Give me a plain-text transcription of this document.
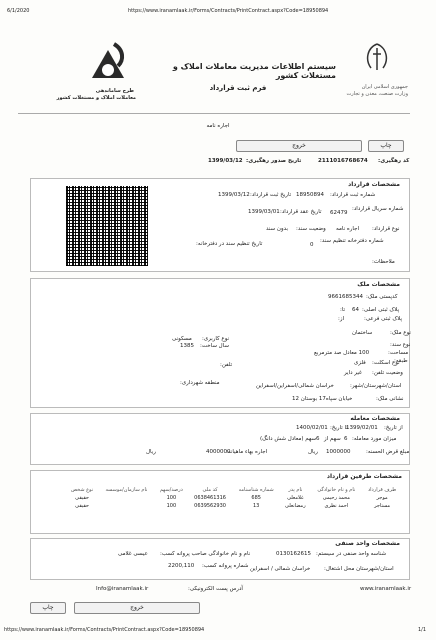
6/1/2020	https://www.iranamlaak.ir/Forms/Contracts/PrintContract.aspx?Code=18950894
https://www.iranamlaak.ir/Forms/Contracts/PrintContract.aspx?Code=18950894	1/1
جمهوری اسلامی ایران
وزارت صنعت، معدن و تجارت
طرح ساماندهی
معاملات املاک و مستغلات کشور
سیستم اطلاعات مدیریت معاملات املاک و مستغلات کشور
فرم ثبت قرارداد
اجاره نامه
چاپ
خروج
کد رهگیری:
2111016768674
تاریخ صدور رهگیری:
1399/03/12
مشخصات قرارداد
شماره ثبت قرارداد:
18950894
تاریخ ثبت قرارداد:
1399/03/12
شماره سریال قرارداد:
62479
تاریخ عقد قرارداد:
1399/03/01
نوع قرارداد:
اجاره نامه
وضعیت سند:
بدون سند
شماره دفترخانه تنظیم سند:
0
تاریخ تنظیم سند در دفترخانه:
ملاحظات:
مشخصات ملک
کدپستی ملک:
9661685344
پلاک ثبتی اصلی:
64
تا:
پلاک ثبتی فرعی:
از:
نوع ملک:
ساختمان
نوع کاربری:
مسکونی
نوع سند:
مساحت:
100 معادل صد مترمربع
سال ساخت:
1385
طبقه:
نوع اسکلت:
فلزی
وضعیت تلفن:
غیر دایر
تلفن:
استان/شهرستان/شهر:
خراسان شمالی/اسفراین/اسفراین
منطقه شهرداری:
نشانی ملک:
خیابان سپاه17 بوستان 12
مشخصات معامله
از تاریخ:
1399/02/01
تا تاریخ:
1400/02/01
میزان مورد معامله:
6
سهم از
6
سهم (معادل شش دانگ)
مبلغ قرض الحسنه:
1000000
ریال
اجاره بهاء ماهیانه:
4000000
ریال
مشخصات طرفین قرارداد
طرف قرارداد	نام و نام خانوادگی	نام پدر	شماره شناسنامه	کد ملی	درصد/سهم	نام سازمان/موسسه	نوع شخص
موجر	محمد رحیمی	غلامعلی	685	0638461316	100		حقیقی
مستاجر	احمد نظری	رمضانعلی	13	0639562930	100		حقیقی
مشخصات واحد صنفی
شناسه واحد صنفی در سیستم:
0130162615
نام و نام خانوادگی صاحب پروانه کسب:
عیسی غلامی
استان/شهرستان محل اشتغال:
خراسان شمالی / اسفراین
شماره پروانه کسب:
2200,110
www.iranamlaak.ir
آدرس پست الکترونیکی:
Info@iranamlaak.ir
چاپ	خروج
